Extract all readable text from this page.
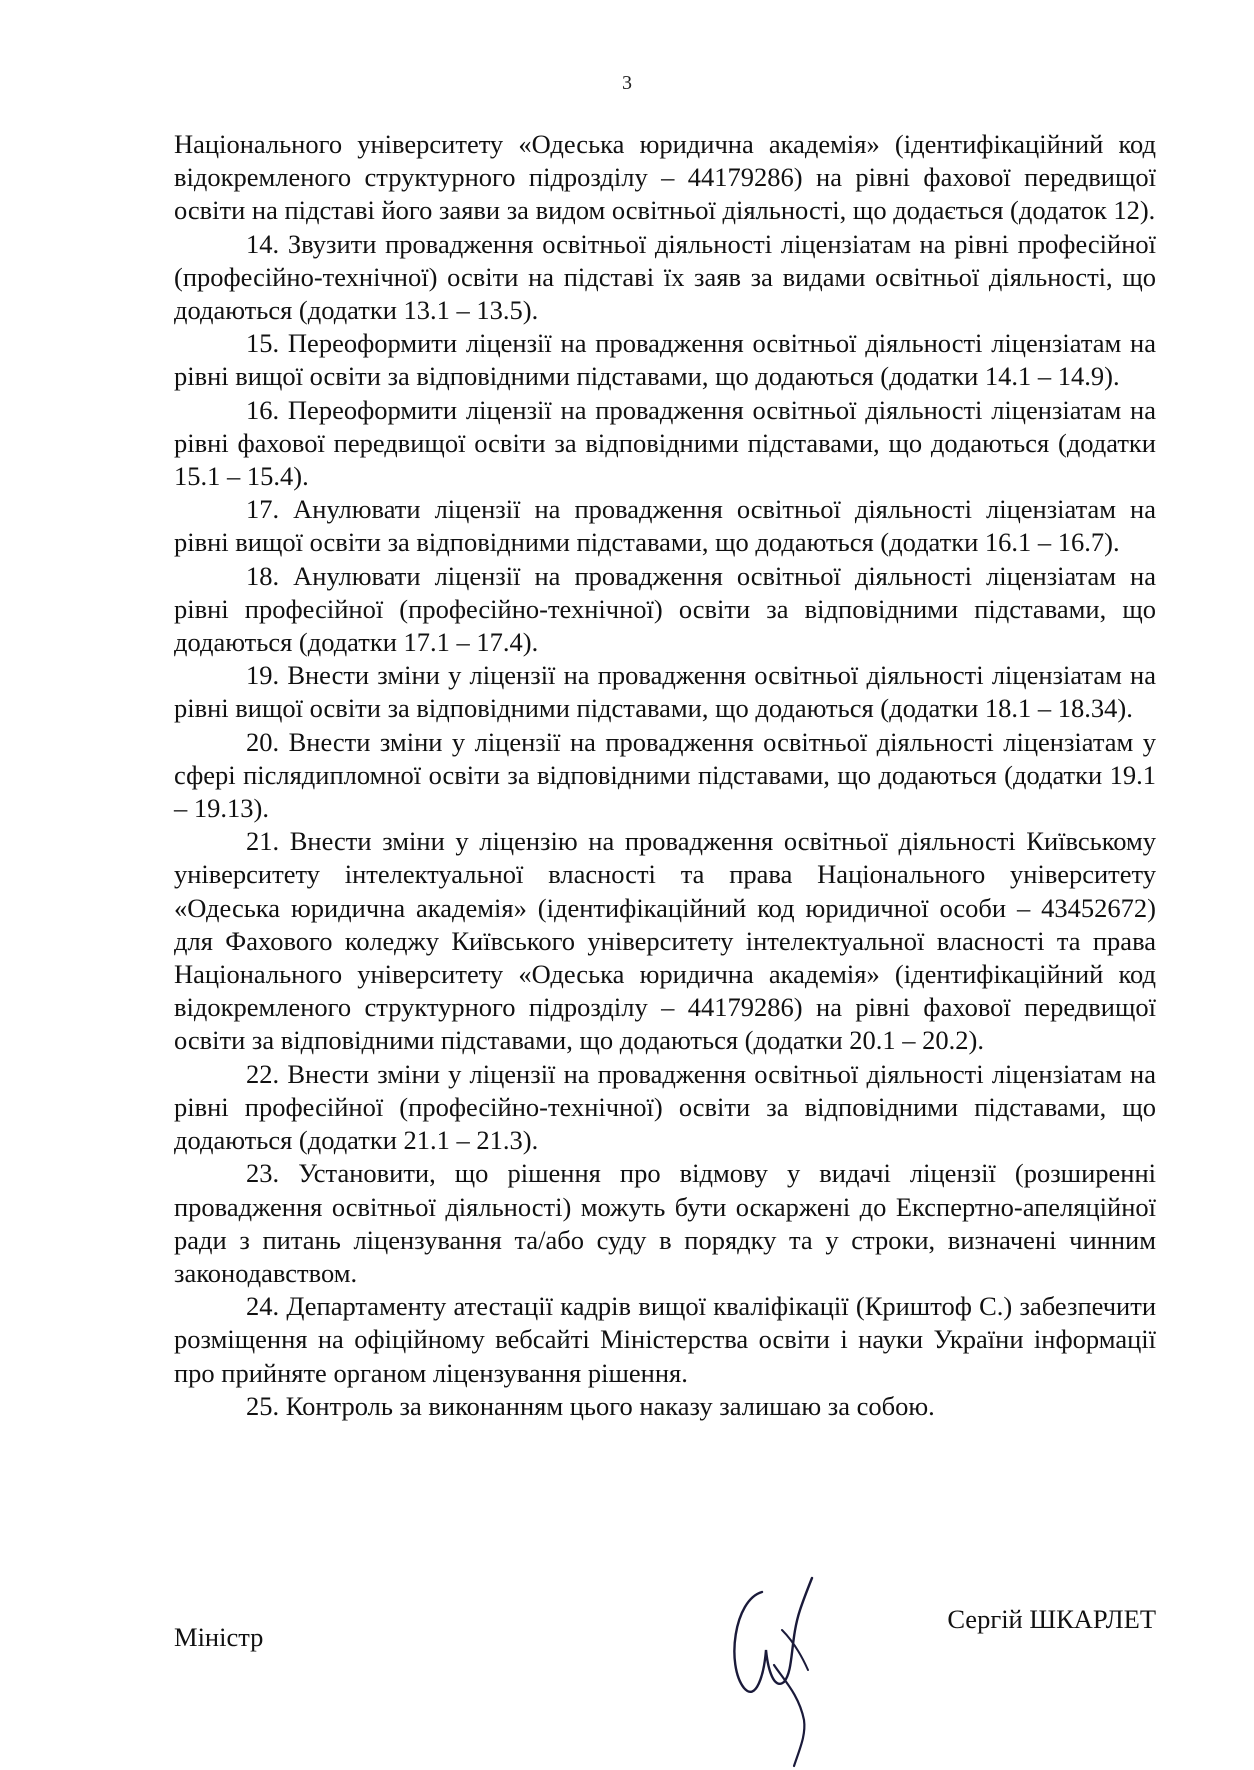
3

Національного університету «Одеська юридична академія» (ідентифікаційний код відокремленого структурного підрозділу – 44179286) на рівні фахової передвищої освіти на підставі його заяви за видом освітньої діяльності, що додається (додаток 12).

14. Звузити провадження освітньої діяльності ліцензіатам на рівні професійної (професійно-технічної) освіти на підставі їх заяв за видами освітньої діяльності, що додаються (додатки 13.1 – 13.5).

15. Переоформити ліцензії на провадження освітньої діяльності ліцензіатам на рівні вищої освіти за відповідними підставами, що додаються (додатки 14.1 – 14.9).

16. Переоформити ліцензії на провадження освітньої діяльності ліцензіатам на рівні фахової передвищої освіти за відповідними підставами, що додаються (додатки 15.1 – 15.4).

17. Анулювати ліцензії на провадження освітньої діяльності ліцензіатам на рівні вищої освіти за відповідними підставами, що додаються (додатки 16.1 – 16.7).

18. Анулювати ліцензії на провадження освітньої діяльності ліцензіатам на рівні професійної (професійно-технічної) освіти за відповідними підставами, що додаються (додатки 17.1 – 17.4).

19. Внести зміни у ліцензії на провадження освітньої діяльності ліцензіатам на рівні вищої освіти за відповідними підставами, що додаються (додатки 18.1 – 18.34).

20. Внести зміни у ліцензії на провадження освітньої діяльності ліцензіатам у сфері післядипломної освіти за відповідними підставами, що додаються (додатки 19.1 – 19.13).

21. Внести зміни у ліцензію на провадження освітньої діяльності Київському університету інтелектуальної власності та права Національного університету «Одеська юридична академія» (ідентифікаційний код юридичної особи – 43452672) для Фахового коледжу Київського університету інтелектуальної власності та права Національного університету «Одеська юридична академія» (ідентифікаційний код відокремленого структурного підрозділу – 44179286) на рівні фахової передвищої освіти за відповідними підставами, що додаються (додатки 20.1 – 20.2).

22. Внести зміни у ліцензії на провадження освітньої діяльності ліцензіатам на рівні професійної (професійно-технічної) освіти за відповідними підставами, що додаються (додатки 21.1 – 21.3).

23. Установити, що рішення про відмову у видачі ліцензії (розширенні провадження освітньої діяльності) можуть бути оскаржені до Експертно-апеляційної ради з питань ліцензування та/або суду в порядку та у строки, визначені чинним законодавством.

24. Департаменту атестації кадрів вищої кваліфікації (Криштоф С.) забезпечити розміщення на офіційному вебсайті Міністерства освіти і науки України інформації про прийняте органом ліцензування рішення.

25. Контроль за виконанням цього наказу залишаю за собою.

Міністр
Сергій ШКАРЛЕТ
